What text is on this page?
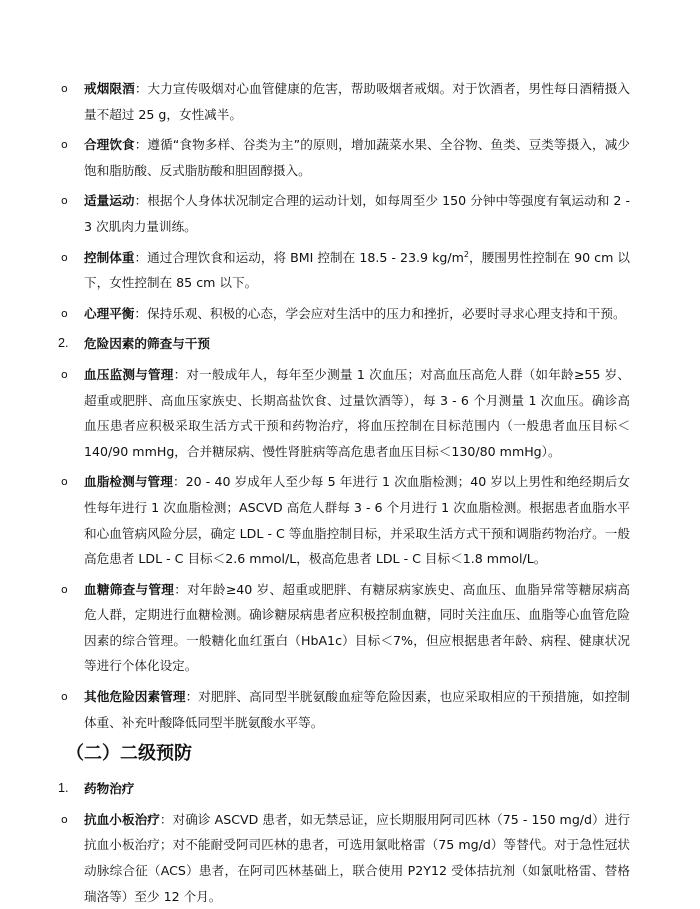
o 戒烟限酒：大力宣传吸烟对心血管健康的危害，帮助吸烟者戒烟。对于饮酒者，男性每日酒精摄入量不超过 25 g，女性减半。
o 合理饮食：遵循“食物多样、谷类为主”的原则，增加蔬菜水果、全谷物、鱼类、豆类等摄入，减少饱和脂肪酸、反式脂肪酸和胆固醇摄入。
o 适量运动：根据个人身体状况制定合理的运动计划，如每周至少 150 分钟中等强度有氧运动和 2 - 3 次肌肉力量训练。
o 控制体重：通过合理饮食和运动，将 BMI 控制在 18.5 - 23.9 $kg/m^2$，腰围男性控制在 90 cm 以下，女性控制在 85 cm 以下。
o 心理平衡：保持乐观、积极的心态，学会应对生活中的压力和挫折，必要时寻求心理支持和干预。
2. 危险因素的筛查与干预
o 血压监测与管理：对一般成年人，每年至少测量 1 次血压；对高血压高危人群（如年龄≥55 岁、超重或肥胖、高血压家族史、长期高盐饮食、过量饮酒等），每 3 - 6 个月测量 1 次血压。确诊高血压患者应积极采取生活方式干预和药物治疗，将血压控制在目标范围内（一般患者血压目标＜140/90 mmHg，合并糖尿病、慢性肾脏病等高危患者血压目标＜130/80 mmHg）。
o 血脂检测与管理：20 - 40 岁成年人至少每 5 年进行 1 次血脂检测；40 岁以上男性和绝经期后女性每年进行 1 次血脂检测；ASCVD 高危人群每 3 - 6 个月进行 1 次血脂检测。根据患者血脂水平和心血管病风险分层，确定 LDL - C 等血脂控制目标，并采取生活方式干预和调脂药物治疗。一般高危患者 LDL - C 目标＜2.6 mmol/L，极高危患者 LDL - C 目标＜1.8 mmol/L。
o 血糖筛查与管理：对年龄≥40 岁、超重或肥胖、有糖尿病家族史、高血压、血脂异常等糖尿病高危人群，定期进行血糖检测。确诊糖尿病患者应积极控制血糖，同时关注血压、血脂等心血管危险因素的综合管理。一般糖化血红蛋白（HbA1c）目标＜7%，但应根据患者年龄、病程、健康状况等进行个体化设定。
o 其他危险因素管理：对肥胖、高同型半胱氨酸血症等危险因素，也应采取相应的干预措施，如控制体重、补充叶酸降低同型半胱氨酸水平等。
（二）二级预防
1. 药物治疗
o 抗血小板治疗：对确诊 ASCVD 患者，如无禁忌证，应长期服用阿司匹林（75 - 150 mg/d）进行抗血小板治疗；对不能耐受阿司匹林的患者，可选用氯吡格雷（75 mg/d）等替代。对于急性冠状动脉综合征（ACS）患者，在阿司匹林基础上，联合使用 P2Y12 受体拮抗剂（如氯吡格雷、替格瑞洛等）至少 12 个月。
